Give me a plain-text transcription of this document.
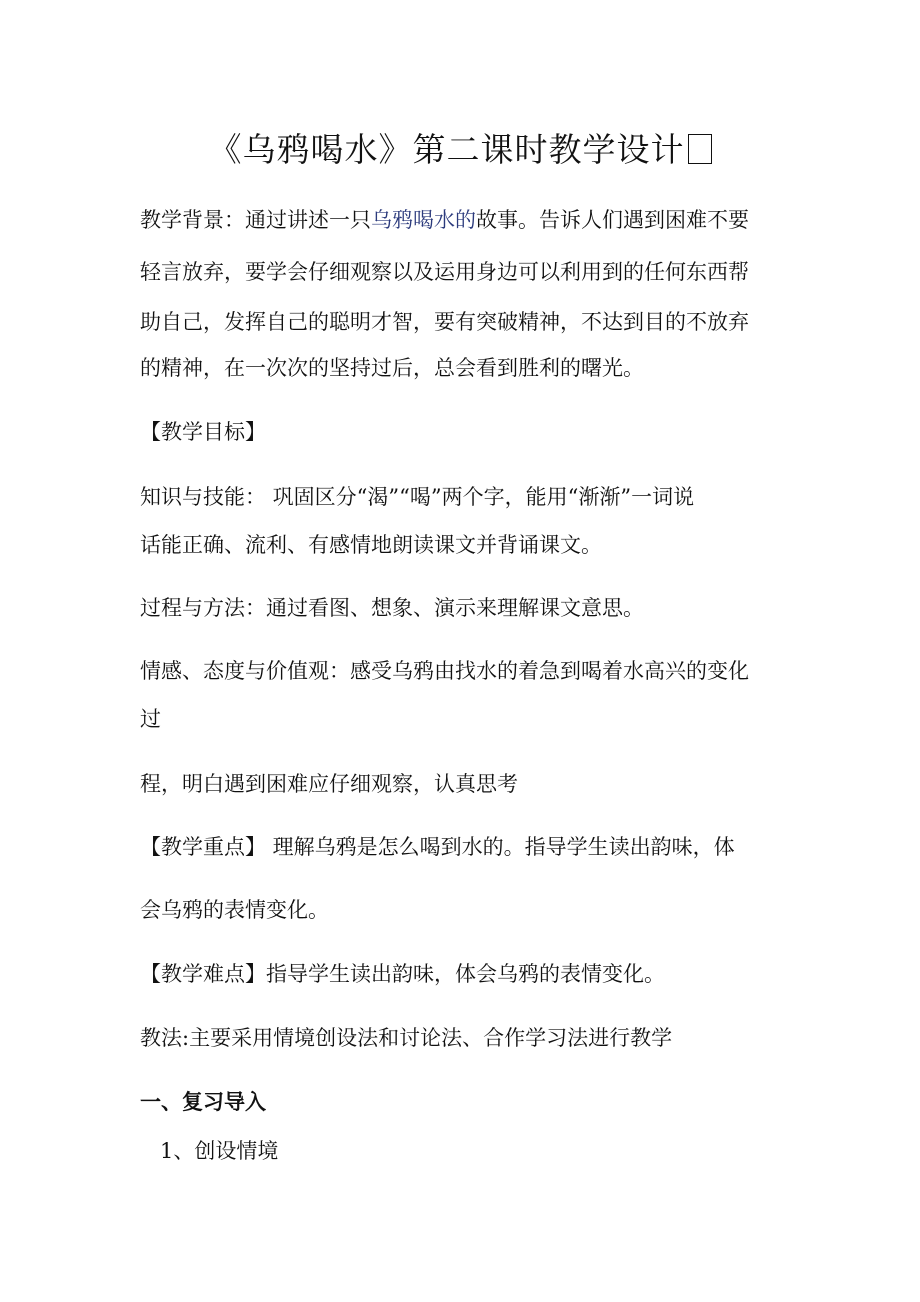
《乌鸦喝水》第二课时教学设计
教学背景：通过讲述一只乌鸦喝水的故事。告诉人们遇到困难不要
轻言放弃，要学会仔细观察以及运用身边可以利用到的任何东西帮
助自己，发挥自己的聪明才智，要有突破精神，不达到目的不放弃
的精神，在一次次的坚持过后，总会看到胜利的曙光。
【教学目标】
知识与技能： 巩固区分“渴”“喝”两个字，能用“渐渐”一词说
话能正确、流利、有感情地朗读课文并背诵课文。
过程与方法：通过看图、想象、演示来理解课文意思。
情感、态度与价值观：感受乌鸦由找水的着急到喝着水高兴的变化
过
程，明白遇到困难应仔细观察，认真思考
【教学重点】 理解乌鸦是怎么喝到水的。指导学生读出韵味，体
会乌鸦的表情变化。
【教学难点】指导学生读出韵味，体会乌鸦的表情变化。
教法:主要采用情境创设法和讨论法、合作学习法进行教学
一、复习导入
1、创设情境
